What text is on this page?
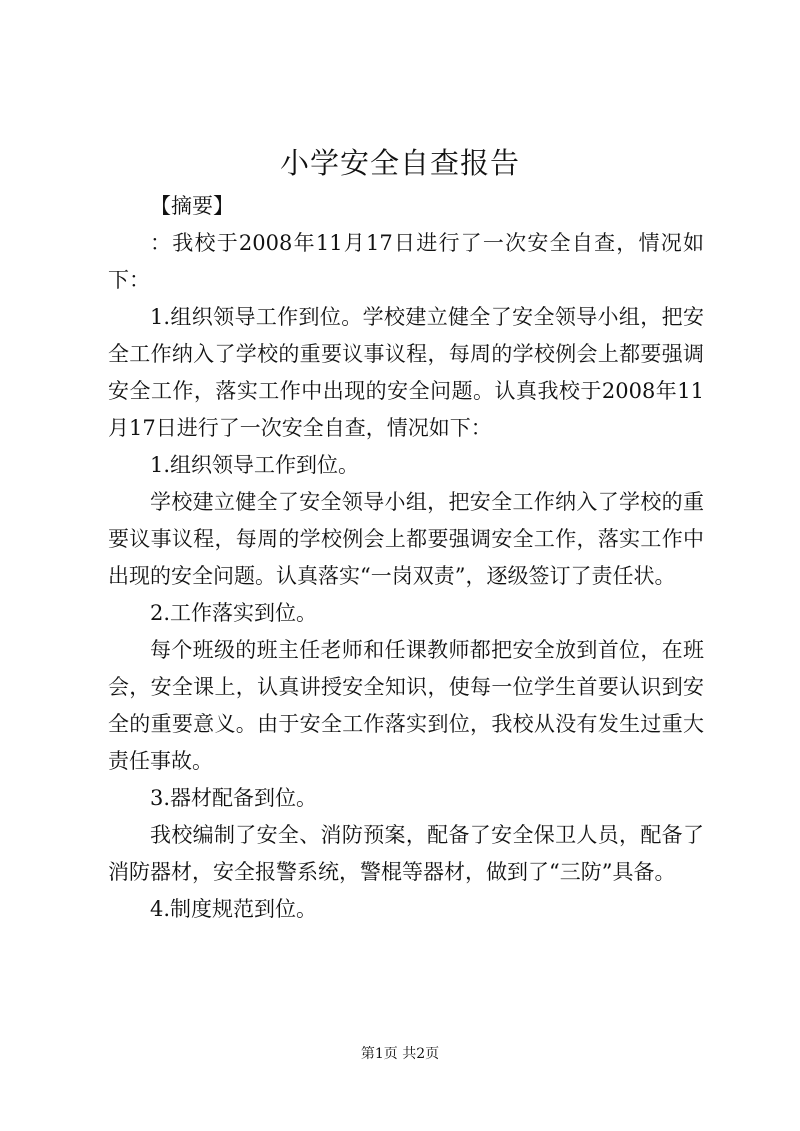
小学安全自查报告

【摘要】

：我校于2008年11月17日进行了一次安全自查，情况如下：

1.组织领导工作到位。学校建立健全了安全领导小组，把安全工作纳入了学校的重要议事议程，每周的学校例会上都要强调安全工作，落实工作中出现的安全问题。认真我校于2008年11月17日进行了一次安全自查，情况如下：

1.组织领导工作到位。

学校建立健全了安全领导小组，把安全工作纳入了学校的重要议事议程，每周的学校例会上都要强调安全工作，落实工作中出现的安全问题。认真落实“一岗双责”，逐级签订了责任状。

2.工作落实到位。

每个班级的班主任老师和任课教师都把安全放到首位，在班会，安全课上，认真讲授安全知识，使每一位学生首要认识到安全的重要意义。由于安全工作落实到位，我校从没有发生过重大责任事故。

3.器材配备到位。

我校编制了安全、消防预案，配备了安全保卫人员，配备了消防器材，安全报警系统，警棍等器材，做到了“三防”具备。

4.制度规范到位。

第1页 共2页
